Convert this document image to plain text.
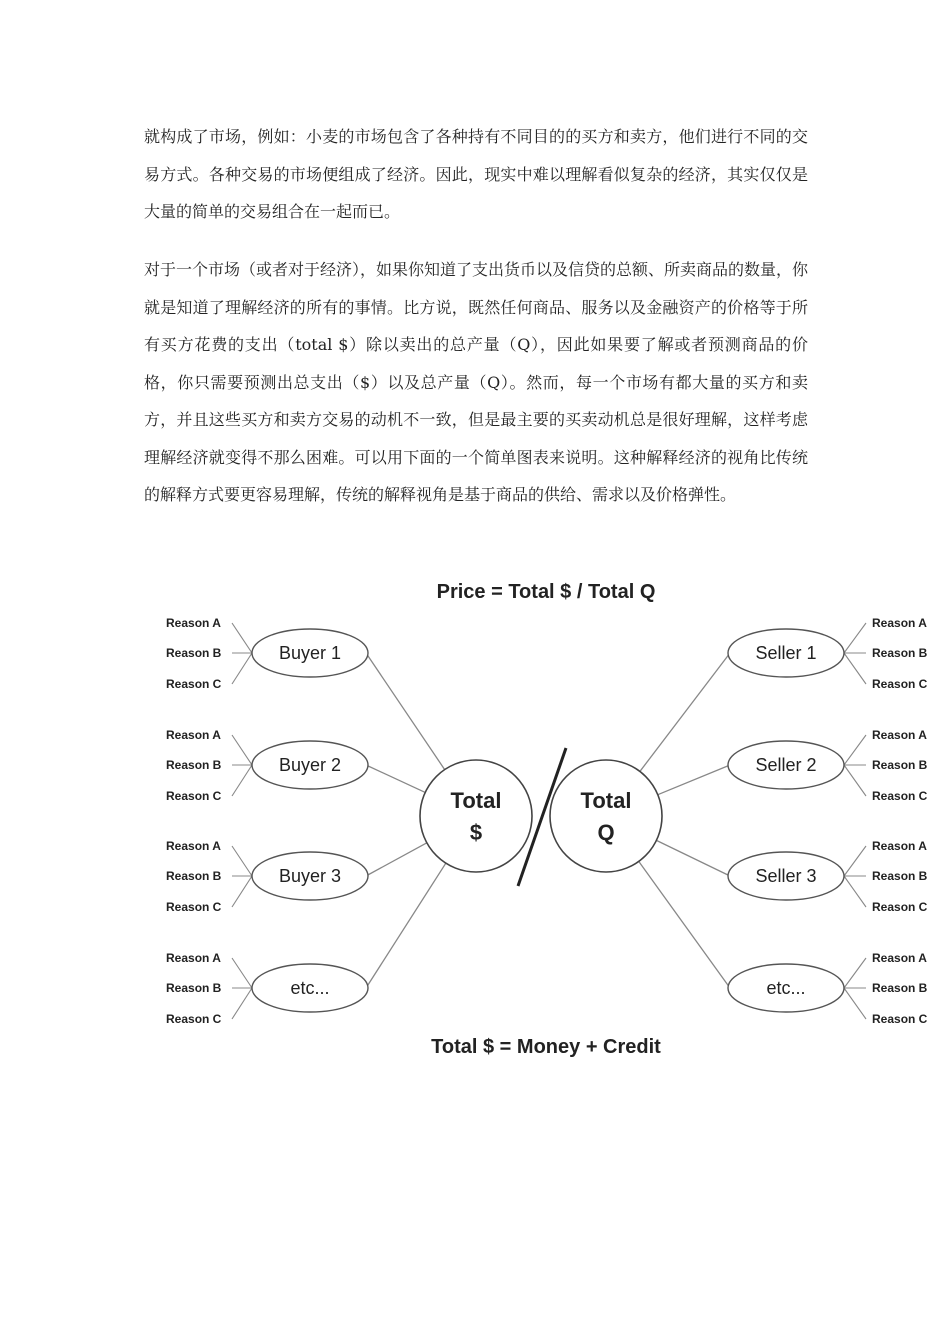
就构成了市场，例如：小麦的市场包含了各种持有不同目的的买方和卖方，他们进行不同的交易方式。各种交易的市场便组成了经济。因此，现实中难以理解看似复杂的经济，其实仅仅是大量的简单的交易组合在一起而已。

对于一个市场（或者对于经济），如果你知道了支出货币以及信贷的总额、所卖商品的数量，你就是知道了理解经济的所有的事情。比方说，既然任何商品、服务以及金融资产的价格等于所有买方花费的支出（total $）除以卖出的总产量（Q），因此如果要了解或者预测商品的价格，你只需要预测出总支出（$）以及总产量（Q）。然而，每一个市场有都大量的买方和卖方，并且这些买方和卖方交易的动机不一致，但是最主要的买卖动机总是很好理解，这样考虑理解经济就变得不那么困难。可以用下面的一个简单图表来说明。这种解释经济的视角比传统的解释方式要更容易理解，传统的解释视角是基于商品的供给、需求以及价格弹性。

Price = Total $ / Total Q
Total $ = Money + Credit
Reason A
Reason B
Reason C
Buyer 1
Reason A
Reason B
Reason C
Buyer 2
Reason A
Reason B
Reason C
Buyer 3
Reason A
Reason B
Reason C
etc...
Reason A
Reason B
Reason C
Seller 1
Reason A
Reason B
Reason C
Seller 2
Reason A
Reason B
Reason C
Seller 3
Reason A
Reason B
Reason C
etc...
Total
$
Total
Q
